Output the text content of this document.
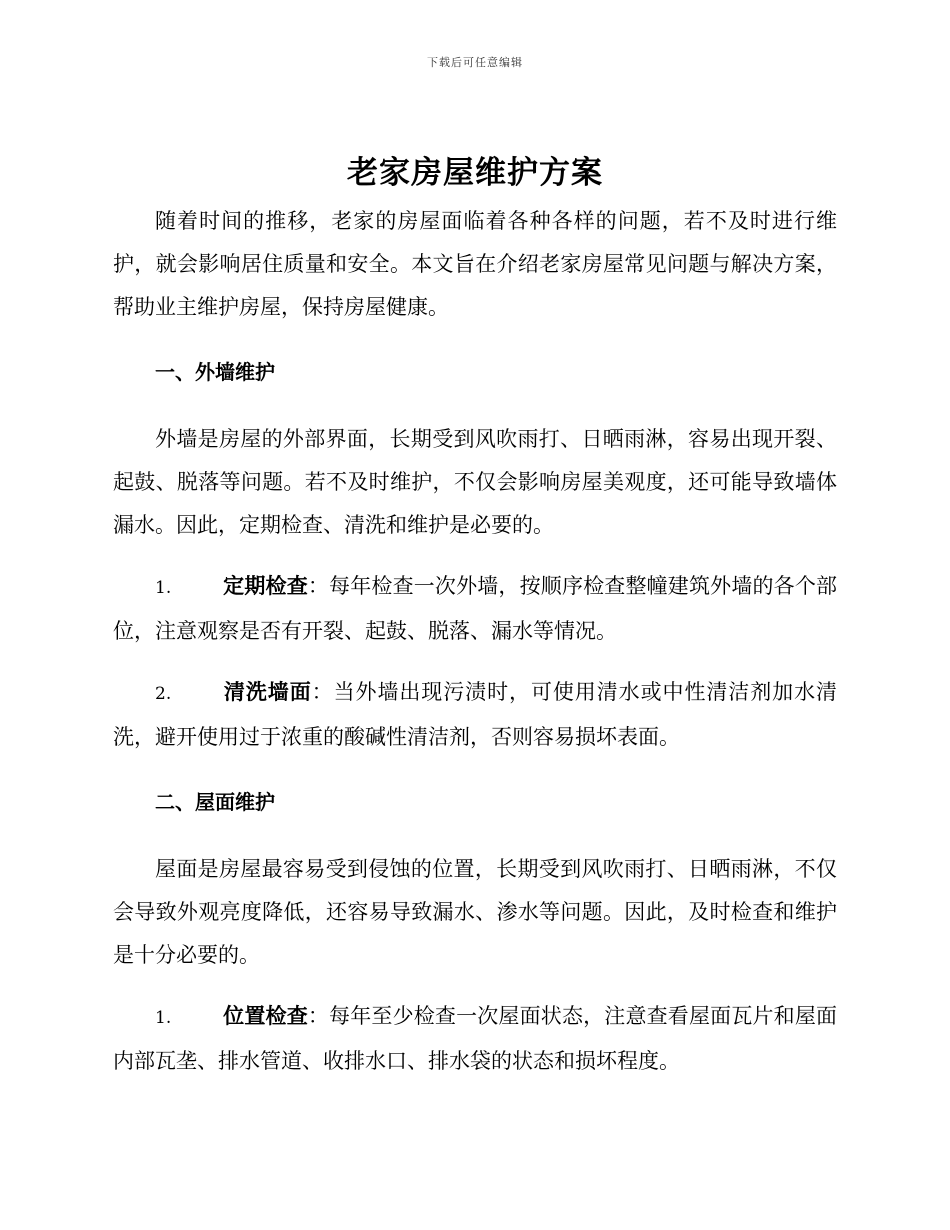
下载后可任意编辑
老家房屋维护方案

随着时间的推移，老家的房屋面临着各种各样的问题，若不及时进行维护，就会影响居住质量和安全。本文旨在介绍老家房屋常见问题与解决方案，帮助业主维护房屋，保持房屋健康。

一、外墙维护

外墙是房屋的外部界面，长期受到风吹雨打、日晒雨淋，容易出现开裂、起鼓、脱落等问题。若不及时维护，不仅会影响房屋美观度，还可能导致墙体漏水。因此，定期检查、清洗和维护是必要的。

1. 定期检查：每年检查一次外墙，按顺序检查整幢建筑外墙的各个部位，注意观察是否有开裂、起鼓、脱落、漏水等情况。

2. 清洗墙面：当外墙出现污渍时，可使用清水或中性清洁剂加水清洗，避开使用过于浓重的酸碱性清洁剂，否则容易损坏表面。

二、屋面维护

屋面是房屋最容易受到侵蚀的位置，长期受到风吹雨打、日晒雨淋，不仅会导致外观亮度降低，还容易导致漏水、渗水等问题。因此，及时检查和维护是十分必要的。

1. 位置检查：每年至少检查一次屋面状态，注意查看屋面瓦片和屋面内部瓦垄、排水管道、收排水口、排水袋的状态和损坏程度。
